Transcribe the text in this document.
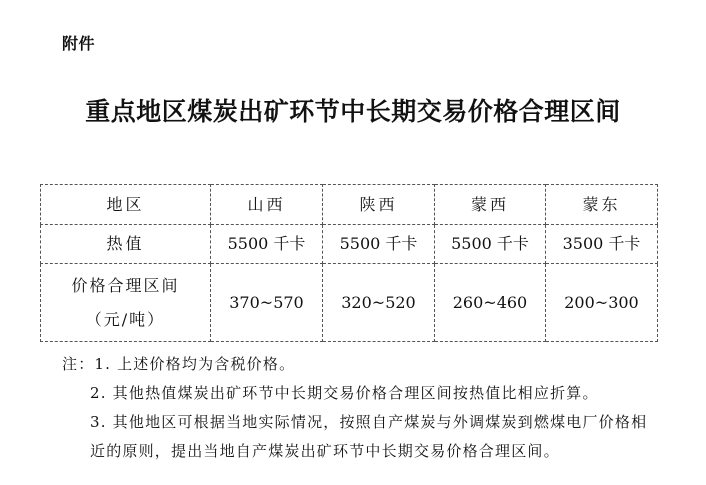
附件
重点地区煤炭出矿环节中长期交易价格合理区间
地区	山西	陕西	蒙西	蒙东
热值	5500 千卡	5500 千卡	5500 千卡	3500 千卡
价格合理区间
（元/吨）	370~570	320~520	260~460	200~300
注：1. 上述价格均为含税价格。
2. 其他热值煤炭出矿环节中长期交易价格合理区间按热值比相应折算。
3. 其他地区可根据当地实际情况，按照自产煤炭与外调煤炭到燃煤电厂价格相
近的原则，提出当地自产煤炭出矿环节中长期交易价格合理区间。
